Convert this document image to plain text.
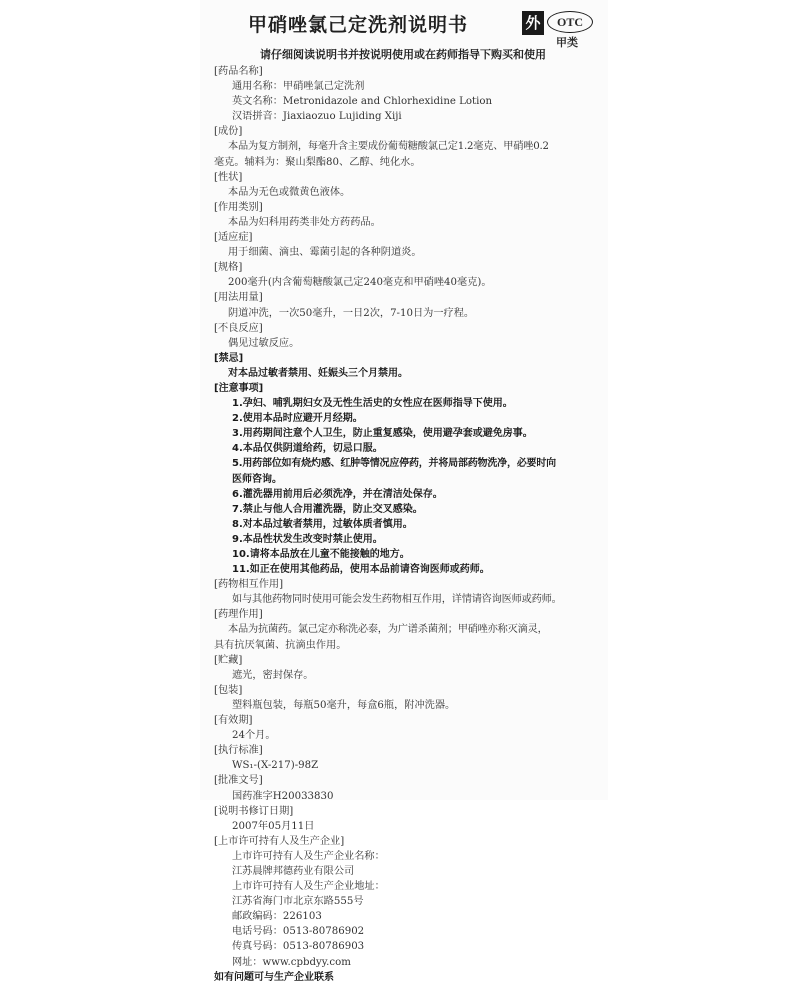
甲硝唑氯己定洗剂说明书	外	OTC
甲类
请仔细阅读说明书并按说明使用或在药师指导下购买和使用
[药品名称]
通用名称：甲硝唑氯己定洗剂
英文名称：Metronidazole and Chlorhexidine Lotion
汉语拼音：Jiaxiaozuo Lujiding Xiji
[成份]
本品为复方制剂，每毫升含主要成份葡萄糖酸氯己定1.2毫克、甲硝唑0.2
毫克。辅料为：聚山梨酯80、乙醇、纯化水。
[性状]
本品为无色或微黄色液体。
[作用类别]
本品为妇科用药类非处方药药品。
[适应症]
用于细菌、滴虫、霉菌引起的各种阴道炎。
[规格]
200毫升(内含葡萄糖酸氯己定240毫克和甲硝唑40毫克)。
[用法用量]
阴道冲洗，一次50毫升，一日2次，7-10日为一疗程。
[不良反应]
偶见过敏反应。
[禁忌]
对本品过敏者禁用、妊娠头三个月禁用。
[注意事项]
1.孕妇、哺乳期妇女及无性生活史的女性应在医师指导下使用。
2.使用本品时应避开月经期。
3.用药期间注意个人卫生，防止重复感染，使用避孕套或避免房事。
4.本品仅供阴道给药，切忌口服。
5.用药部位如有烧灼感、红肿等情况应停药，并将局部药物洗净，必要时向
医师咨询。
6.灌洗器用前用后必须洗净，并在清洁处保存。
7.禁止与他人合用灌洗器，防止交叉感染。
8.对本品过敏者禁用，过敏体质者慎用。
9.本品性状发生改变时禁止使用。
10.请将本品放在儿童不能接触的地方。
11.如正在使用其他药品，使用本品前请咨询医师或药师。
[药物相互作用]
如与其他药物同时使用可能会发生药物相互作用，详情请咨询医师或药师。
[药理作用]
本品为抗菌药。氯己定亦称洗必泰，为广谱杀菌剂；甲硝唑亦称灭滴灵，
具有抗厌氧菌、抗滴虫作用。
[贮藏]
遮光，密封保存。
[包装]
塑料瓶包装，每瓶50毫升，每盒6瓶，附冲洗器。
[有效期]
24个月。
[执行标准]
WS₁-(X-217)-98Z
[批准文号]
国药准字H20033830
[说明书修订日期]
2007年05月11日
[上市许可持有人及生产企业]
上市许可持有人及生产企业名称：
江苏晨牌邦德药业有限公司
上市许可持有人及生产企业地址：
江苏省海门市北京东路555号
邮政编码：226103
电话号码：0513-80786902
传真号码：0513-80786903
网址：www.cpbdyy.com
如有问题可与生产企业联系
